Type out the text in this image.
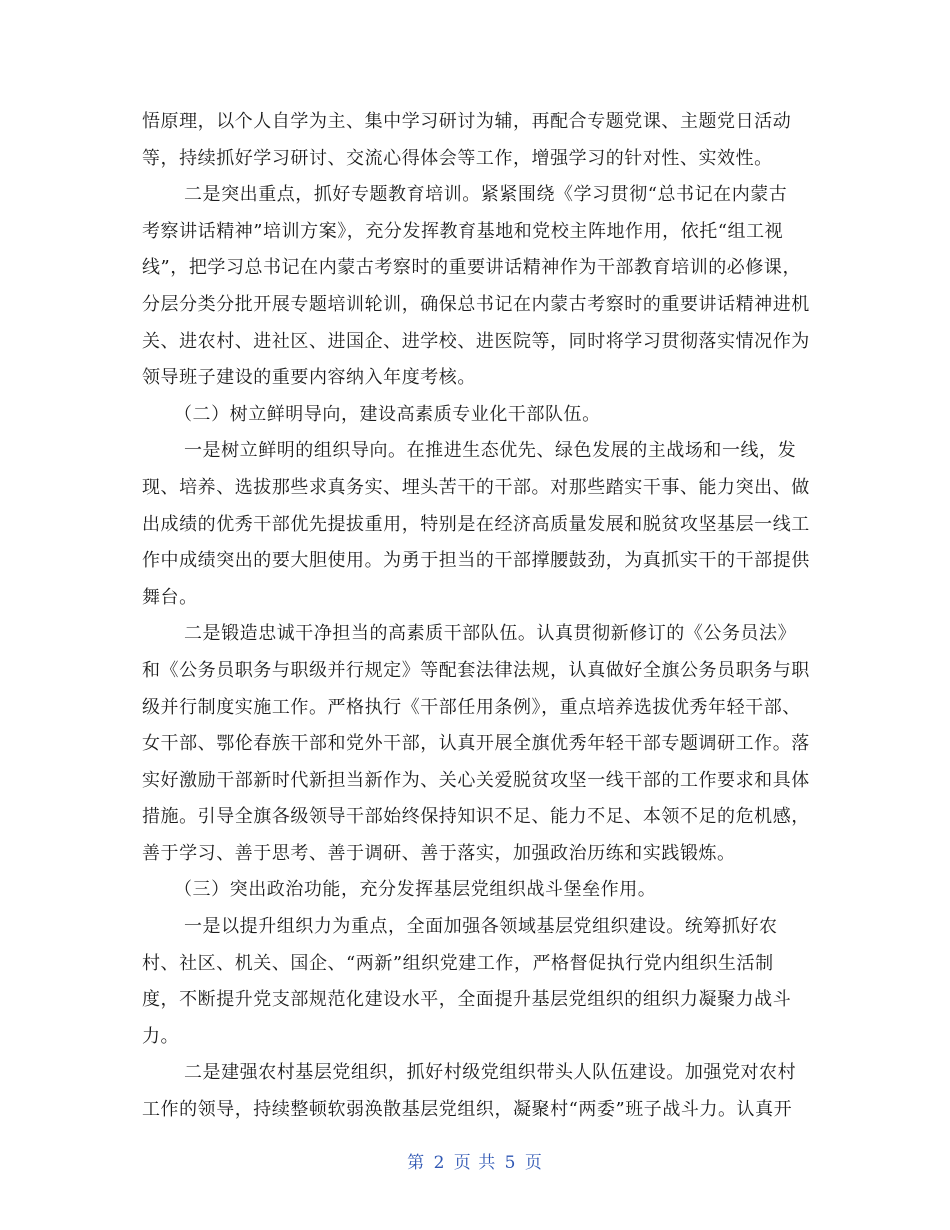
悟原理，以个人自学为主、集中学习研讨为辅，再配合专题党课、主题党日活动
等，持续抓好学习研讨、交流心得体会等工作，增强学习的针对性、实效性。
二是突出重点，抓好专题教育培训。紧紧围绕《学习贯彻“总书记在内蒙古
考察讲话精神”培训方案》，充分发挥教育基地和党校主阵地作用，依托“组工视
线”，把学习总书记在内蒙古考察时的重要讲话精神作为干部教育培训的必修课，
分层分类分批开展专题培训轮训，确保总书记在内蒙古考察时的重要讲话精神进机
关、进农村、进社区、进国企、进学校、进医院等，同时将学习贯彻落实情况作为
领导班子建设的重要内容纳入年度考核。
（二）树立鲜明导向，建设高素质专业化干部队伍。
一是树立鲜明的组织导向。在推进生态优先、绿色发展的主战场和一线，发
现、培养、选拔那些求真务实、埋头苦干的干部。对那些踏实干事、能力突出、做
出成绩的优秀干部优先提拔重用，特别是在经济高质量发展和脱贫攻坚基层一线工
作中成绩突出的要大胆使用。为勇于担当的干部撑腰鼓劲，为真抓实干的干部提供
舞台。
二是锻造忠诚干净担当的高素质干部队伍。认真贯彻新修订的《公务员法》
和《公务员职务与职级并行规定》等配套法律法规，认真做好全旗公务员职务与职
级并行制度实施工作。严格执行《干部任用条例》，重点培养选拔优秀年轻干部、
女干部、鄂伦春族干部和党外干部，认真开展全旗优秀年轻干部专题调研工作。落
实好激励干部新时代新担当新作为、关心关爱脱贫攻坚一线干部的工作要求和具体
措施。引导全旗各级领导干部始终保持知识不足、能力不足、本领不足的危机感，
善于学习、善于思考、善于调研、善于落实，加强政治历练和实践锻炼。
（三）突出政治功能，充分发挥基层党组织战斗堡垒作用。
一是以提升组织力为重点，全面加强各领域基层党组织建设。统筹抓好农
村、社区、机关、国企、“两新”组织党建工作，严格督促执行党内组织生活制
度，不断提升党支部规范化建设水平，全面提升基层党组织的组织力凝聚力战斗
力。
二是建强农村基层党组织，抓好村级党组织带头人队伍建设。加强党对农村
工作的领导，持续整顿软弱涣散基层党组织，凝聚村“两委”班子战斗力。认真开
第 2 页 共 5 页
